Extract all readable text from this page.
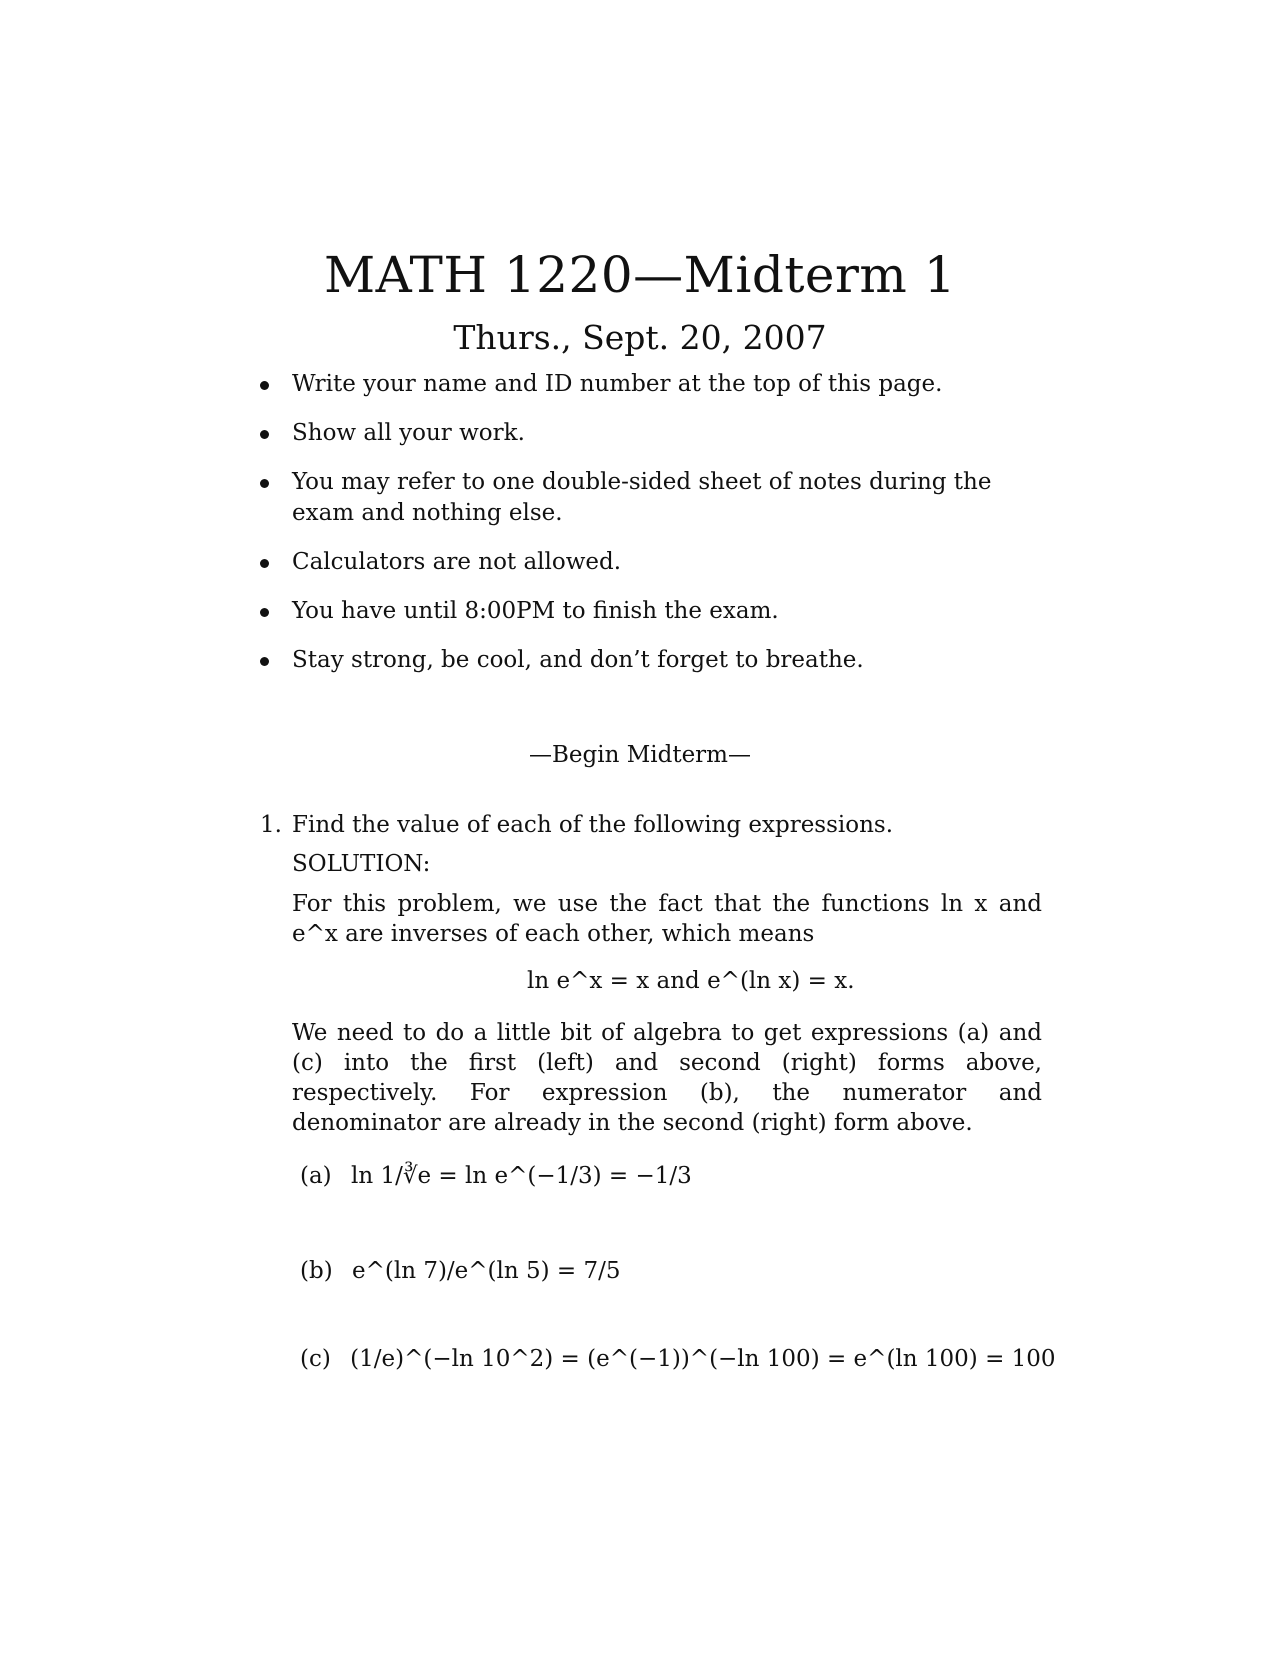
MATH 1220—Midterm 1
Thurs., Sept. 20, 2007
Write your name and ID number at the top of this page.
Show all your work.
You may refer to one double-sided sheet of notes during the exam and nothing else.
Calculators are not allowed.
You have until 8:00PM to finish the exam.
Stay strong, be cool, and don’t forget to breathe.
—Begin Midterm—
1. Find the value of each of the following expressions.
SOLUTION:
For this problem, we use the fact that the functions ln x and e^x are inverses of each other, which means
ln e^x = x and e^(ln x) = x.
We need to do a little bit of algebra to get expressions (a) and (c) into the first (left) and second (right) forms above, respectively. For expression (b), the numerator and denominator are already in the second (right) form above.
(a) ln 1/∛e = ln e^(−1/3) = −1/3
(b) e^(ln 7)/e^(ln 5) = 7/5
(c) (1/e)^(−ln 10^2) = (e^(−1))^(−ln 100) = e^(ln 100) = 100
